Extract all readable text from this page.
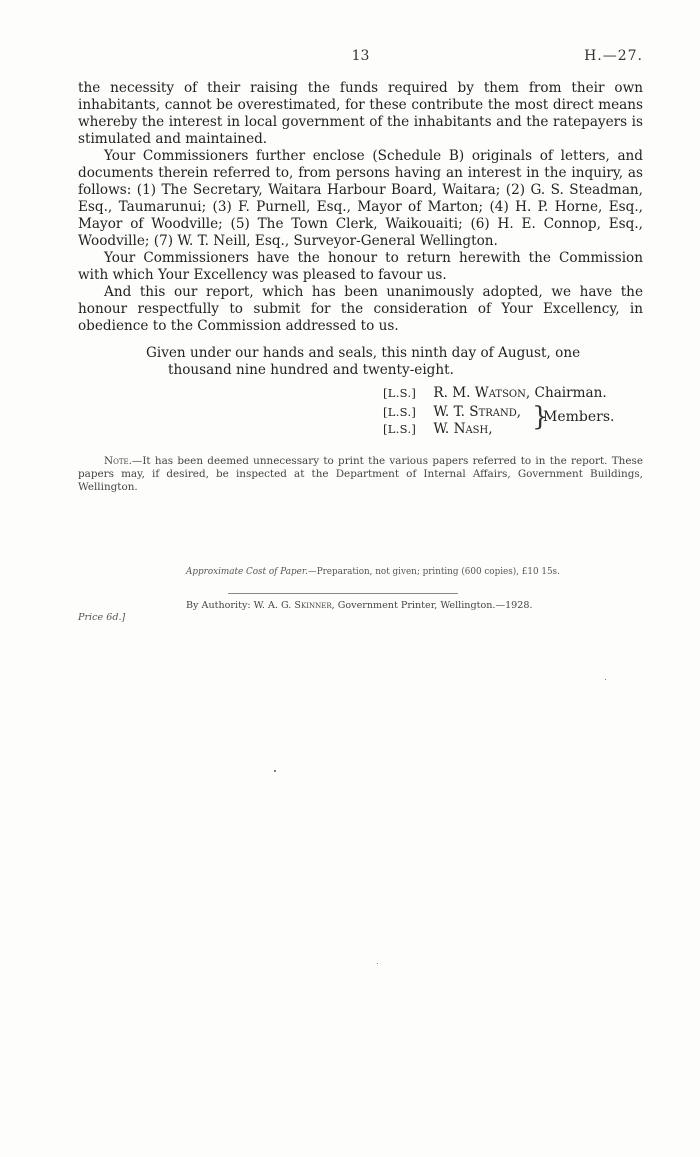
13	H.—27.

the necessity of their raising the funds required by them from their own inhabitants, cannot be overestimated, for these contribute the most direct means whereby the interest in local government of the inhabitants and the ratepayers is stimulated and maintained.

Your Commissioners further enclose (Schedule B) originals of letters, and documents therein referred to, from persons having an interest in the inquiry, as follows: (1) The Secretary, Waitara Harbour Board, Waitara; (2) G. S. Steadman, Esq., Taumarunui; (3) F. Purnell, Esq., Mayor of Marton; (4) H. P. Horne, Esq., Mayor of Woodville; (5) The Town Clerk, Waikouaiti; (6) H. E. Connop, Esq., Woodville; (7) W. T. Neill, Esq., Surveyor-General Wellington.

Your Commissioners have the honour to return herewith the Commission with which Your Excellency was pleased to favour us.

And this our report, which has been unanimously adopted, we have the honour respectfully to submit for the consideration of Your Excellency, in obedience to the Commission addressed to us.

Given under our hands and seals, this ninth day of August, one thousand nine hundred and twenty-eight.

[L.S.] R. M. Watson, Chairman.
[L.S.] W. T. Strand,
[L.S.] W. Nash, }
Members.

Note.—It has been deemed unnecessary to print the various papers referred to in the report. These papers may, if desired, be inspected at the Department of Internal Affairs, Government Buildings, Wellington.

Approximate Cost of Paper.—Preparation, not given; printing (600 copies), £10 15s.
By Authority: W. A. G. Skinner, Government Printer, Wellington.—1928.
Price 6d.]
